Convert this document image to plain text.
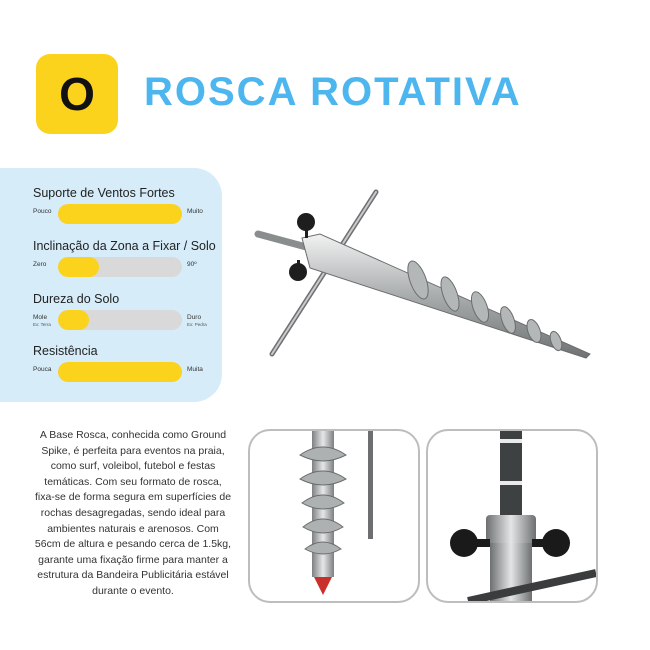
O	ROSCA ROTATIVA
Suporte de Ventos Fortes
Pouco	Muito
Inclinação da Zona a Fixar / Solo
Zero	90º
Dureza do Solo
Mole
Ex: Terra
Duro
Ex: Pedra
Resistência
Pouca	Muita
A Base Rosca, conhecida como Ground Spike, é perfeita para eventos na praia, como surf, voleibol, futebol e festas temáticas. Com seu formato de rosca, fixa-se de forma segura em superfícies de rochas desagregadas, sendo ideal para ambientes naturais e arenosos. Com 56cm de altura e pesando cerca de 1.5kg, garante uma fixação firme para manter a estrutura da Bandeira Publicitária estável durante o evento.
